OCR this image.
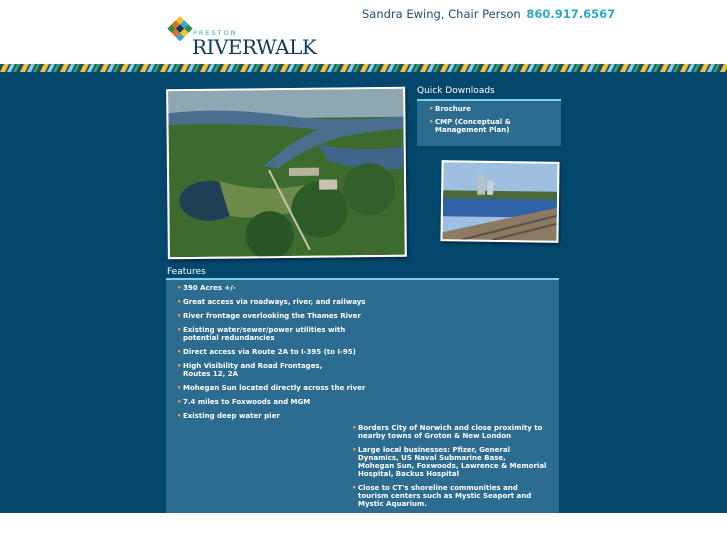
PRESTON
RIVERWALK
Sandra Ewing, Chair Person 860.917.6567
Quick Downloads
• Brochure
• CMP (Conceptual &
Management Plan)
Features
• 390 Acres +/-
• Great access via roadways, river, and railways
• River frontage overlooking the Thames River
• Existing water/sewer/power utilities with
potential redundancies
• Direct access via Route 2A to I-395 (to I-95)
• High Visibility and Road Frontages,
Routes 12, 2A
• Mohegan Sun located directly across the river
• 7.4 miles to Foxwoods and MGM
• Existing deep water pier
• Borders City of Norwich and close proximity to
nearby towns of Groton & New London
• Large local businesses: Pfizer, General
Dynamics, US Naval Submarine Base,
Mohegan Sun, Foxwoods, Lawrence & Memorial
Hospital, Backus Hospital
• Close to CT's shoreline communities and
tourism centers such as Mystic Seaport and
Mystic Aquarium.
